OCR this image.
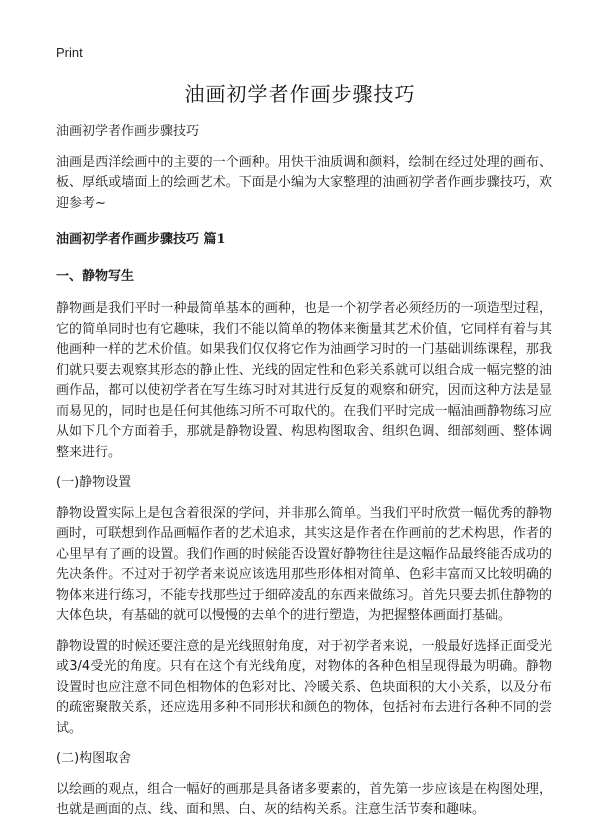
Print
油画初学者作画步骤技巧

油画初学者作画步骤技巧

油画是西洋绘画中的主要的一个画种。用快干油质调和颜料，绘制在经过处理的画布、板、厚纸或墙面上的绘画艺术。下面是小编为大家整理的油画初学者作画步骤技巧，欢迎参考~

油画初学者作画步骤技巧 篇1
一、静物写生

静物画是我们平时一种最简单基本的画种，也是一个初学者必须经历的一项造型过程，它的简单同时也有它趣味，我们不能以简单的物体来衡量其艺术价值，它同样有着与其他画种一样的艺术价值。如果我们仅仅将它作为油画学习时的一门基础训练课程，那我们就只要去观察其形态的静止性、光线的固定性和色彩关系就可以组合成一幅完整的油画作品，都可以使初学者在写生练习时对其进行反复的观察和研究，因而这种方法是显而易见的，同时也是任何其他练习所不可取代的。在我们平时完成一幅油画静物练习应从如下几个方面着手，那就是静物设置、构思构图取舍、组织色调、细部刻画、整体调整来进行。

(一)静物设置

静物设置实际上是包含着很深的学问，并非那么简单。当我们平时欣赏一幅优秀的静物画时，可联想到作品画幅作者的艺术追求，其实这是作者在作画前的艺术构思，作者的心里早有了画的设置。我们作画的时候能否设置好静物往往是这幅作品最终能否成功的先决条件。不过对于初学者来说应该选用那些形体相对简单、色彩丰富而又比较明确的物体来进行练习，不能专找那些过于细碎凌乱的东西来做练习。首先只要去抓住静物的大体色块，有基础的就可以慢慢的去单个的进行塑造，为把握整体画面打基础。

静物设置的时候还要注意的是光线照射角度，对于初学者来说，一般最好选择正面受光或3/4受光的角度。只有在这个有光线角度，对物体的各种色相呈现得最为明确。静物设置时也应注意不同色相物体的色彩对比、冷暖关系、色块面积的大小关系，以及分布的疏密聚散关系，还应选用多种不同形状和颜色的物体，包括衬布去进行各种不同的尝试。

(二)构图取舍

以绘画的观点，组合一幅好的画那是具备诸多要素的，首先第一步应该是在构图处理，也就是画面的点、线、面和黑、白、灰的结构关系。注意生活节奏和趣味。
